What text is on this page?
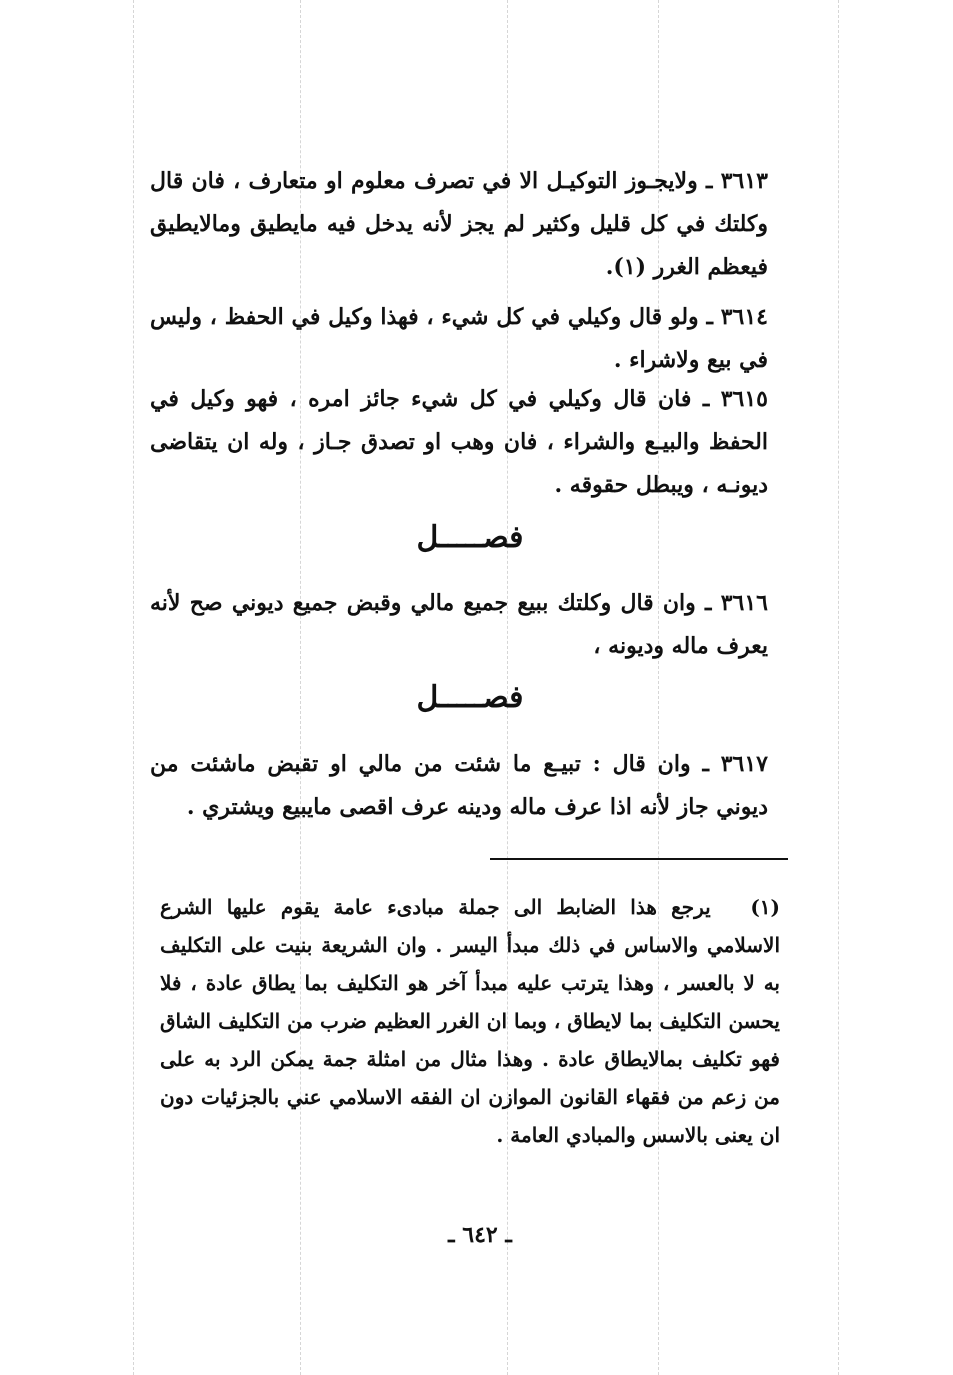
٣٦١٣ ـ ولايجـوز التوكيـل الا في تصرف معلوم او متعارف ، فان قال وكلتك في كل قليل وكثير لم يجز لأنه يدخل فيه مايطيق ومالايطيق فيعظم الغرر (١).
٣٦١٤ ـ ولو قال وكيلي في كل شيء ، فهذا وكيل في الحفظ ، وليس في بيع ولاشراء .
٣٦١٥ ـ فان قال وكيلي في كل شيء جائز امره ، فهو وكيل في الحفظ والبيـع والشراء ، فان وهب او تصدق جـاز ، وله ان يتقاضى ديونـه ، ويبطل حقوقه .
فصـــــل
٣٦١٦ ـ وان قال وكلتك ببيع جميع مالي وقبض جميع ديوني صح لأنه يعرف ماله وديونه ،
فصـــــل
٣٦١٧ ـ وان قال : تبيـع ما شئت من مالي او تقبض ماشئت من ديوني جاز لأنه اذا عرف ماله ودينه عرف اقصى مايبيع ويشتري .
(١) يرجع هذا الضابط الى جملة مبادىء عامة يقوم عليها الشرع الاسلامي والاساس في ذلك مبدأ اليسر . وان الشريعة بنيت على التكليف به لا بالعسر ، وهذا يترتب عليه مبدأ آخر هو التكليف بما يطاق عادة ، فلا يحسن التكليف بما لايطاق ، وبما ان الغرر العظيم ضرب من التكليف الشاق فهو تكليف بمالايطاق عادة . وهذا مثال من امثلة جمة يمكن الرد به على من زعم من فقهاء القانون الموازن ان الفقه الاسلامي عني بالجزئيات دون ان يعنى بالاسس والمبادي العامة .
ـ ٦٤٢ ـ
